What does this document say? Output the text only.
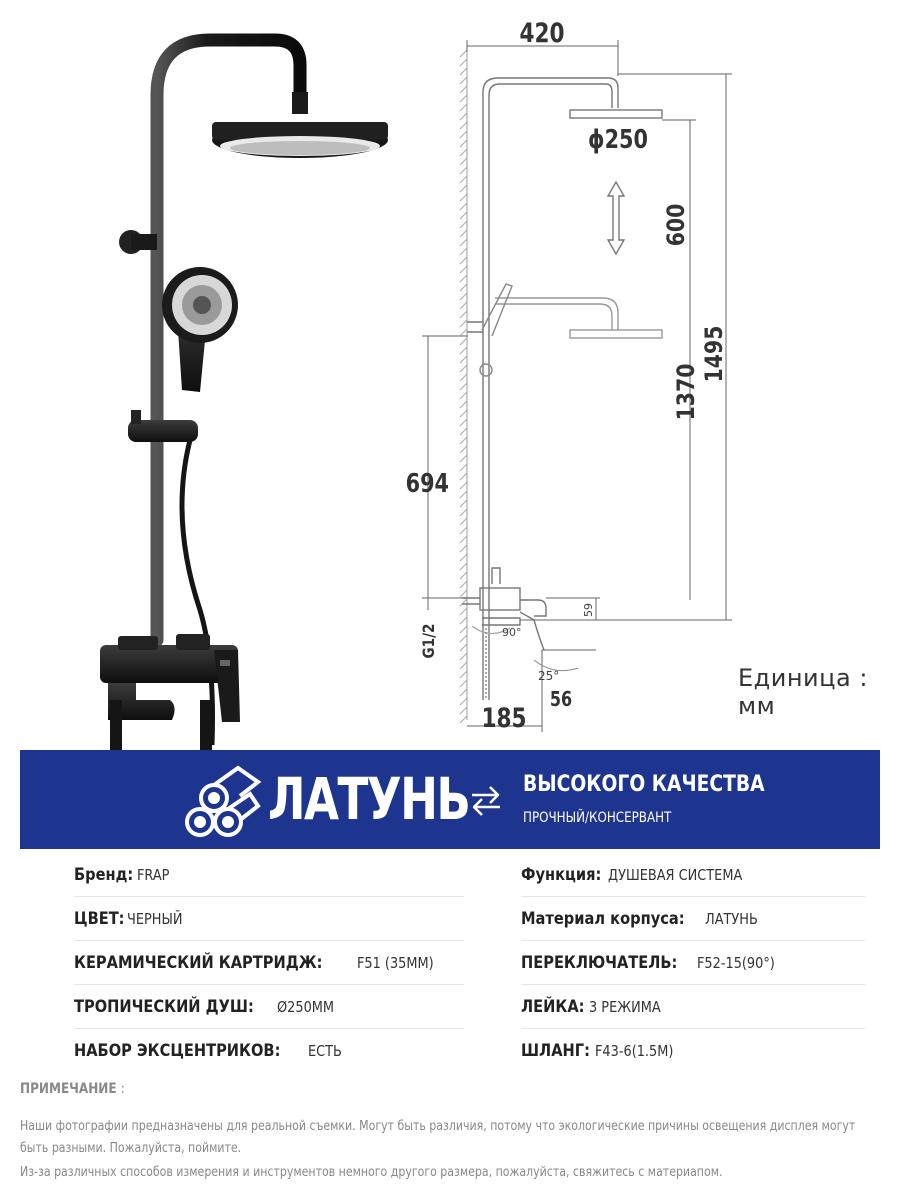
420
ϕ250
600
1370
1495
694
G1/2
185
56
59
90°
25°	Единица : мм
ЛАТУНЬ ВЫСОКОГО КАЧЕСТВА
ПРОЧНЫЙ/КОНСЕРВАНТ
Бренд: FRAP
ЦВЕТ: ЧЕРНЫЙ
КЕРАМИЧЕСКИЙ КАРТРИДЖ: F51 (35MM)
ТРОПИЧЕСКИЙ ДУШ: Ø250MM
НАБОР ЭКСЦЕНТРИКОВ: ЕСТЬ
Функция: ДУШЕВАЯ СИСТЕМА
Материал корпуса: ЛАТУНЬ
ПЕРЕКЛЮЧАТЕЛЬ: F52-15(90°)
ЛЕЙКА: 3 РЕЖИМА
ШЛАНГ: F43-6(1.5M)
ПРИМЕЧАНИЕ :
Наши фотографии предназначены для реальной съемки. Могут быть различия, потому что экологические причины освещения дисплея могут
быть разными. Пожалуйста, поймите.
Из-за различных способов измерения и инструментов немного другого размера, пожалуйста, свяжитесь с материапом.
